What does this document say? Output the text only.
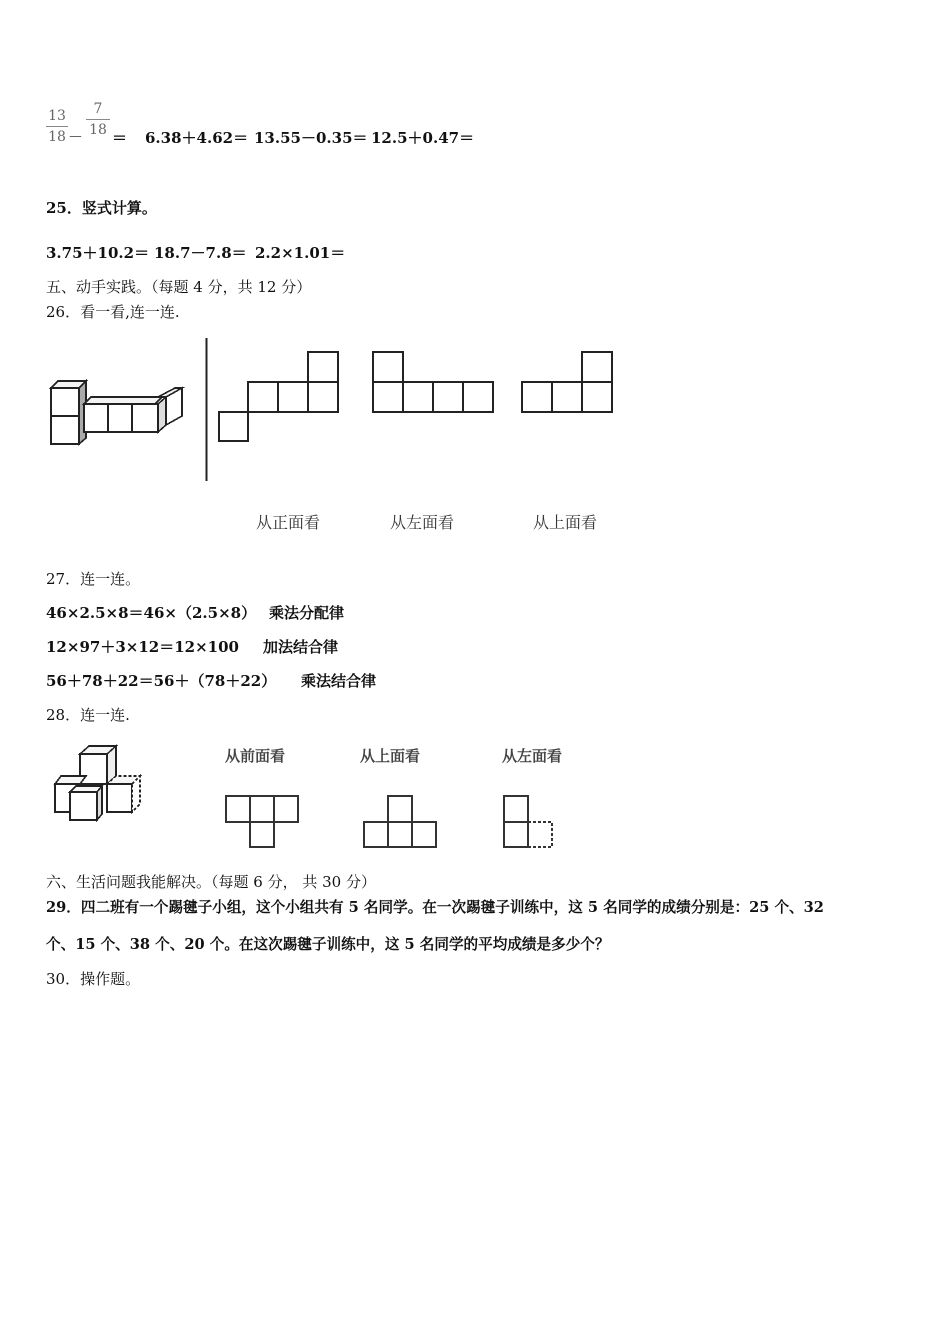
13
18 －
7
18 ＝ 6.38＋4.62＝ 13.55－0.35＝ 12.5＋0.47＝
25．竖式计算。
3.75＋10.2＝ 18.7－7.8＝ 2.2×1.01＝
五、动手实践。（每题 4 分，共 12 分）
26．看一看,连一连.
从正面看	从左面看	从上面看
27．连一连。
46×2.5×8＝46×（2.5×8） 乘法分配律
12×97＋3×12＝12×100 加法结合律
56＋78＋22＝56＋（78＋22） 乘法结合律
28．连一连.
从前面看	从上面看	从左面看
六、生活问题我能解决。（每题 6 分， 共 30 分）
29．四二班有一个踢毽子小组，这个小组共有 5 名同学。在一次踢毽子训练中，这 5 名同学的成绩分别是：25 个、32
个、15 个、38 个、20 个。在这次踢毽子训练中，这 5 名同学的平均成绩是多少个？
30．操作题。
